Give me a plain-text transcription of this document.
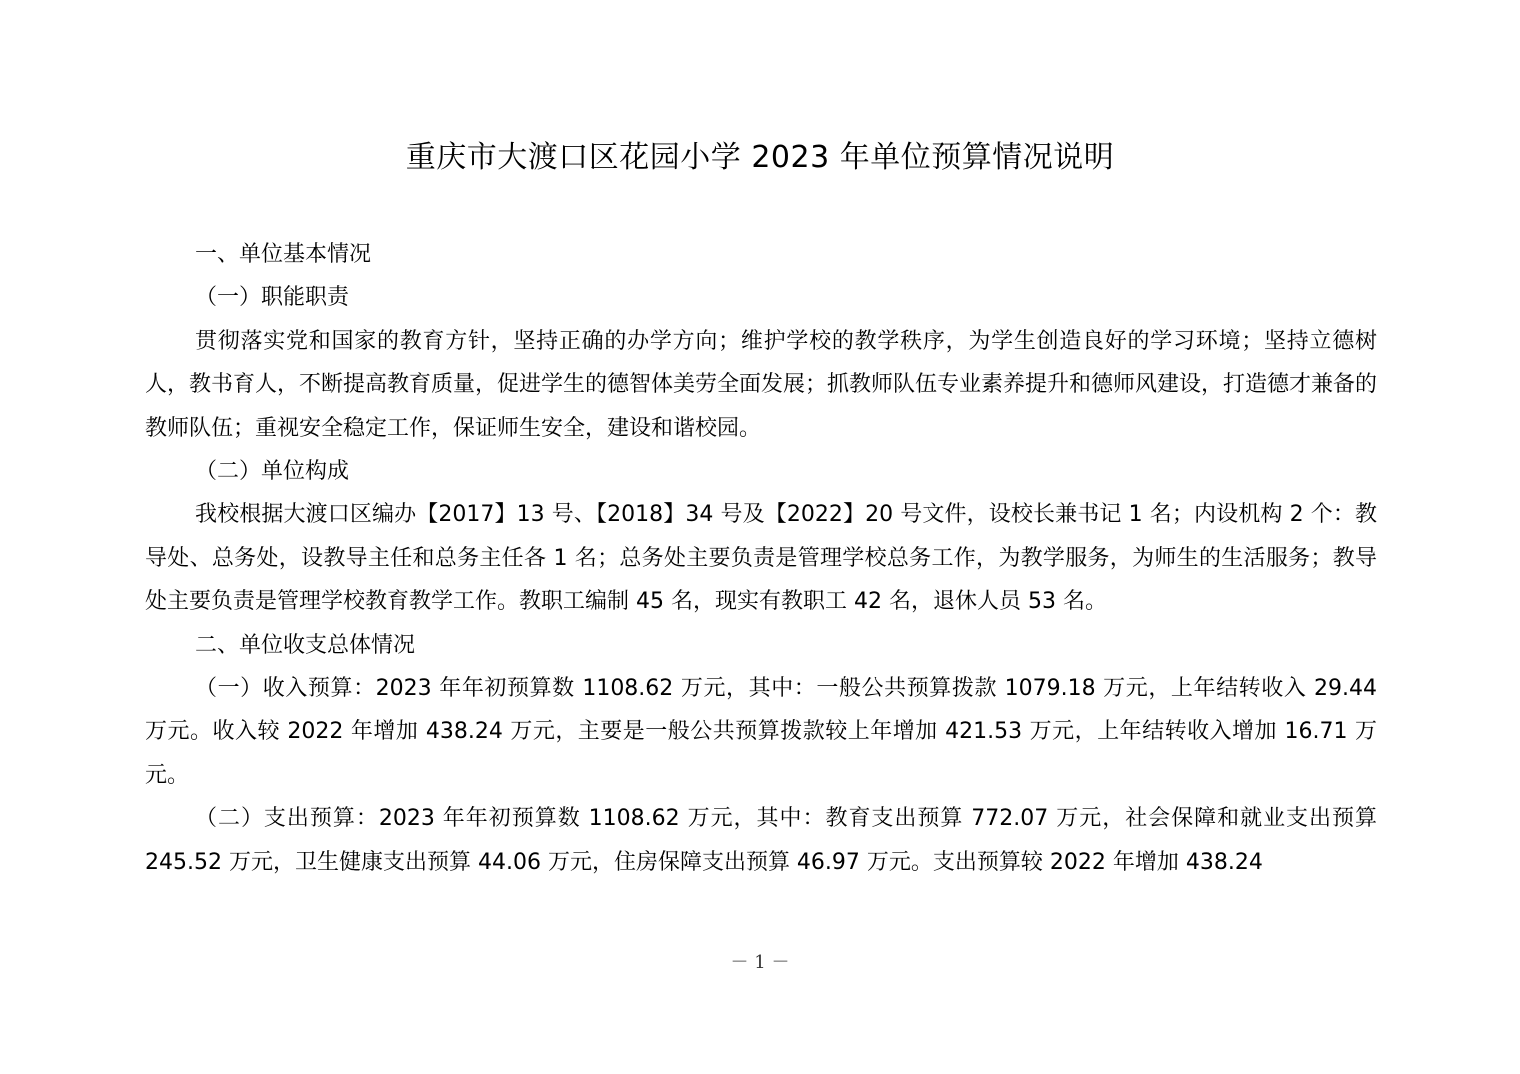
重庆市大渡口区花园小学 2023 年单位预算情况说明

一、单位基本情况

（一）职能职责

贯彻落实党和国家的教育方针，坚持正确的办学方向；维护学校的教学秩序，为学生创造良好的学习环境；坚持立德树人，教书育人，不断提高教育质量，促进学生的德智体美劳全面发展；抓教师队伍专业素养提升和德师风建设，打造德才兼备的教师队伍；重视安全稳定工作，保证师生安全，建设和谐校园。

（二）单位构成

我校根据大渡口区编办【2017】13 号、【2018】34 号及【2022】20 号文件，设校长兼书记 1 名；内设机构 2 个：教导处、总务处，设教导主任和总务主任各 1 名；总务处主要负责是管理学校总务工作，为教学服务，为师生的生活服务；教导处主要负责是管理学校教育教学工作。教职工编制 45 名，现实有教职工 42 名，退休人员 53 名。

二、单位收支总体情况

（一）收入预算：2023 年年初预算数 1108.62 万元，其中：一般公共预算拨款 1079.18 万元，上年结转收入 29.44 万元。收入较 2022 年增加 438.24 万元，主要是一般公共预算拨款较上年增加 421.53 万元，上年结转收入增加 16.71 万元。

（二）支出预算：2023 年年初预算数 1108.62 万元，其中：教育支出预算 772.07 万元，社会保障和就业支出预算 245.52 万元，卫生健康支出预算 44.06 万元，住房保障支出预算 46.97 万元。支出预算较 2022 年增加 438.24

－ 1 －
